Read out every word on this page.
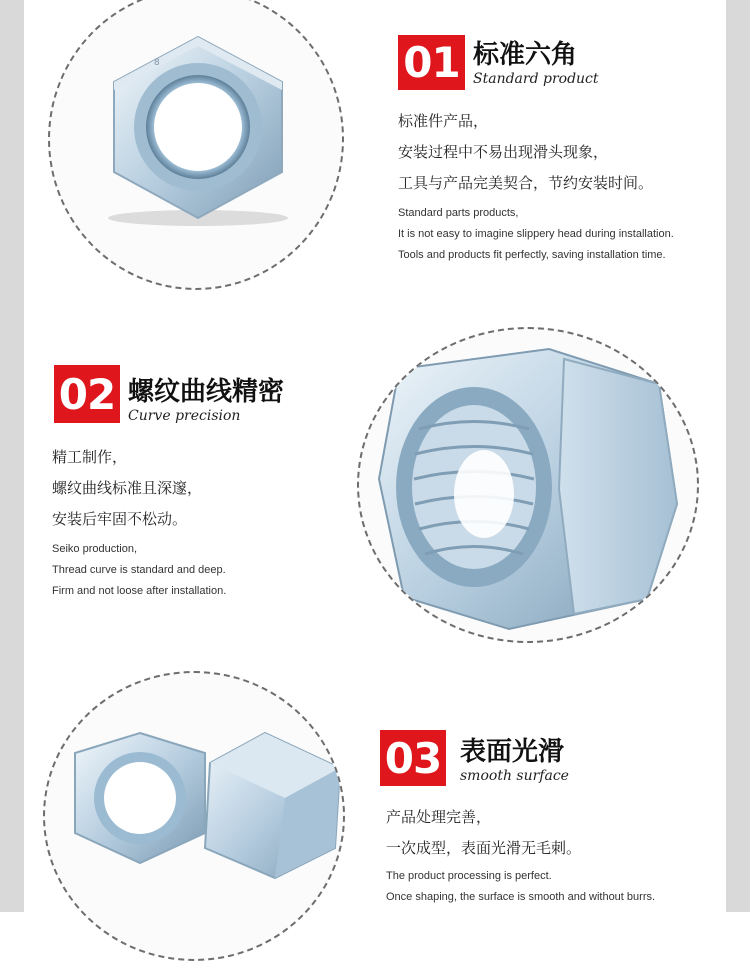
8	01 标准六角
Standard product
标准件产品，
安装过程中不易出现滑头现象，
工具与产品完美契合，节约安装时间。
Standard parts products,
It is not easy to imagine slippery head during installation.
Tools and products fit perfectly, saving installation time.
02 螺纹曲线精密
Curve precision
精工制作，
螺纹曲线标准且深邃，
安装后牢固不松动。
Seiko production,
Thread curve is standard and deep.
Firm and not loose after installation.
03 表面光滑
smooth surface
产品处理完善，
一次成型，表面光滑无毛刺。
The product processing is perfect.
Once shaping, the surface is smooth and without burrs.
